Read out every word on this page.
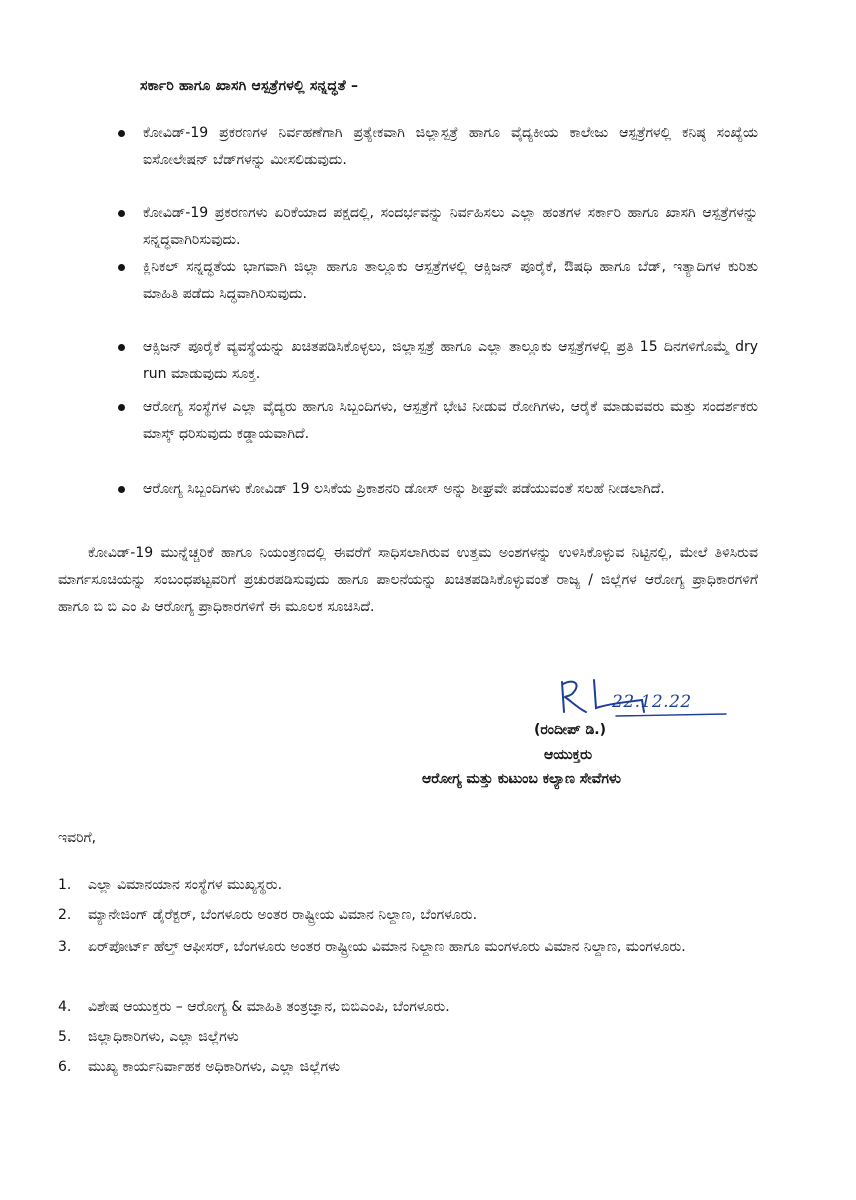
ಸರ್ಕಾರಿ ಹಾಗೂ ಖಾಸಗಿ ಆಸ್ಪತ್ರೆಗಳಲ್ಲಿ ಸನ್ನದ್ಧತೆ –
ಕೋವಿಡ್-19 ಪ್ರಕರಣಗಳ ನಿರ್ವಹಣೆಗಾಗಿ ಪ್ರತ್ಯೇಕವಾಗಿ ಜಿಲ್ಲಾಸ್ಪತ್ರೆ ಹಾಗೂ ವೈದ್ಯಕೀಯ ಕಾಲೇಜು ಆಸ್ಪತ್ರೆಗಳಲ್ಲಿ ಕನಿಷ್ಠ ಸಂಖ್ಯೆಯ ಐಸೋಲೇಷನ್ ಬೆಡ್‌ಗಳನ್ನು ಮೀಸಲಿಡುವುದು.
ಕೋವಿಡ್-19 ಪ್ರಕರಣಗಳು ಏರಿಕೆಯಾದ ಪಕ್ಷದಲ್ಲಿ, ಸಂದರ್ಭವನ್ನು ನಿರ್ವಹಿಸಲು ಎಲ್ಲಾ ಹಂತಗಳ ಸರ್ಕಾರಿ ಹಾಗೂ ಖಾಸಗಿ ಆಸ್ಪತ್ರೆಗಳನ್ನು ಸನ್ನದ್ಧವಾಗಿರಿಸುವುದು.
ಕ್ಲಿನಿಕಲ್ ಸನ್ನದ್ಧತೆಯ ಭಾಗವಾಗಿ ಜಿಲ್ಲಾ ಹಾಗೂ ತಾಲ್ಲೂಕು ಆಸ್ಪತ್ರೆಗಳಲ್ಲಿ ಆಕ್ಸಿಜನ್ ಪೂರೈಕೆ, ಔಷಧಿ ಹಾಗೂ ಬೆಡ್, ಇತ್ಯಾದಿಗಳ ಕುರಿತು ಮಾಹಿತಿ ಪಡೆದು ಸಿದ್ಧವಾಗಿರಿಸುವುದು.
ಆಕ್ಸಿಜನ್ ಪೂರೈಕೆ ವ್ಯವಸ್ಥೆಯನ್ನು ಖಚಿತಪಡಿಸಿಕೊಳ್ಳಲು, ಜಿಲ್ಲಾಸ್ಪತ್ರೆ ಹಾಗೂ ಎಲ್ಲಾ ತಾಲ್ಲೂಕು ಆಸ್ಪತ್ರೆಗಳಲ್ಲಿ ಪ್ರತಿ 15 ದಿನಗಳಿಗೊಮ್ಮೆ dry run ಮಾಡುವುದು ಸೂಕ್ತ.
ಆರೋಗ್ಯ ಸಂಸ್ಥೆಗಳ ಎಲ್ಲಾ ವೈದ್ಯರು ಹಾಗೂ ಸಿಬ್ಬಂದಿಗಳು, ಆಸ್ಪತ್ರೆಗೆ ಭೇಟಿ ನೀಡುವ ರೋಗಿಗಳು, ಆರೈಕೆ ಮಾಡುವವರು ಮತ್ತು ಸಂದರ್ಶಕರು ಮಾಸ್ಕ್ ಧರಿಸುವುದು ಕಡ್ಡಾಯವಾಗಿದೆ.
ಆರೋಗ್ಯ ಸಿಬ್ಬಂದಿಗಳು ಕೋವಿಡ್ 19 ಲಸಿಕೆಯ ಪ್ರಿಕಾಶನರಿ ಡೋಸ್ ಅನ್ನು ಶೀಘ್ರವೇ ಪಡೆಯುವಂತೆ ಸಲಹೆ ನೀಡಲಾಗಿದೆ.

ಕೋವಿಡ್-19 ಮುನ್ನೆಚ್ಚರಿಕೆ ಹಾಗೂ ನಿಯಂತ್ರಣದಲ್ಲಿ ಈವರೆಗೆ ಸಾಧಿಸಲಾಗಿರುವ ಉತ್ತಮ ಅಂಶಗಳನ್ನು ಉಳಿಸಿಕೊಳ್ಳುವ ನಿಟ್ಟಿನಲ್ಲಿ, ಮೇಲೆ ತಿಳಿಸಿರುವ ಮಾರ್ಗಸೂಚಿಯನ್ನು ಸಂಬಂಧಪಟ್ಟವರಿಗೆ ಪ್ರಚುರಪಡಿಸುವುದು ಹಾಗೂ ಪಾಲನೆಯನ್ನು ಖಚಿತಪಡಿಸಿಕೊಳ್ಳುವಂತೆ ರಾಜ್ಯ / ಜಿಲ್ಲೆಗಳ ಆರೋಗ್ಯ ಪ್ರಾಧಿಕಾರಗಳಿಗೆ ಹಾಗೂ ಬಿ ಬಿ ಎಂ ಪಿ ಆರೋಗ್ಯ ಪ್ರಾಧಿಕಾರಗಳಿಗೆ ಈ ಮೂಲಕ ಸೂಚಿಸಿದೆ.

22.12.22
(ರಂದೀಪ್ ಡಿ.)
ಆಯುಕ್ತರು
ಆರೋಗ್ಯ ಮತ್ತು ಕುಟುಂಬ ಕಲ್ಯಾಣ ಸೇವೆಗಳು
ಇವರಿಗೆ,
1. ಎಲ್ಲಾ ವಿಮಾನಯಾನ ಸಂಸ್ಥೆಗಳ ಮುಖ್ಯಸ್ಥರು.
2. ಮ್ಯಾನೇಜಿಂಗ್ ಡೈರೆಕ್ಟರ್, ಬೆಂಗಳೂರು ಅಂತರ ರಾಷ್ಟ್ರೀಯ ವಿಮಾನ ನಿಲ್ದಾಣ, ಬೆಂಗಳೂರು.
3. ಏರ್‌ಪೋರ್ಟ್ ಹೆಲ್ತ್ ಆಫೀಸರ್, ಬೆಂಗಳೂರು ಅಂತರ ರಾಷ್ಟ್ರೀಯ ವಿಮಾನ ನಿಲ್ದಾಣ ಹಾಗೂ ಮಂಗಳೂರು ವಿಮಾನ ನಿಲ್ದಾಣ, ಮಂಗಳೂರು.
4. ವಿಶೇಷ ಆಯುಕ್ತರು – ಆರೋಗ್ಯ & ಮಾಹಿತಿ ತಂತ್ರಜ್ಞಾನ, ಬಿಬಿಎಂಪಿ, ಬೆಂಗಳೂರು.
5. ಜಿಲ್ಲಾಧಿಕಾರಿಗಳು, ಎಲ್ಲಾ ಜಿಲ್ಲೆಗಳು
6. ಮುಖ್ಯ ಕಾರ್ಯನಿರ್ವಾಹಕ ಅಧಿಕಾರಿಗಳು, ಎಲ್ಲಾ ಜಿಲ್ಲೆಗಳು
